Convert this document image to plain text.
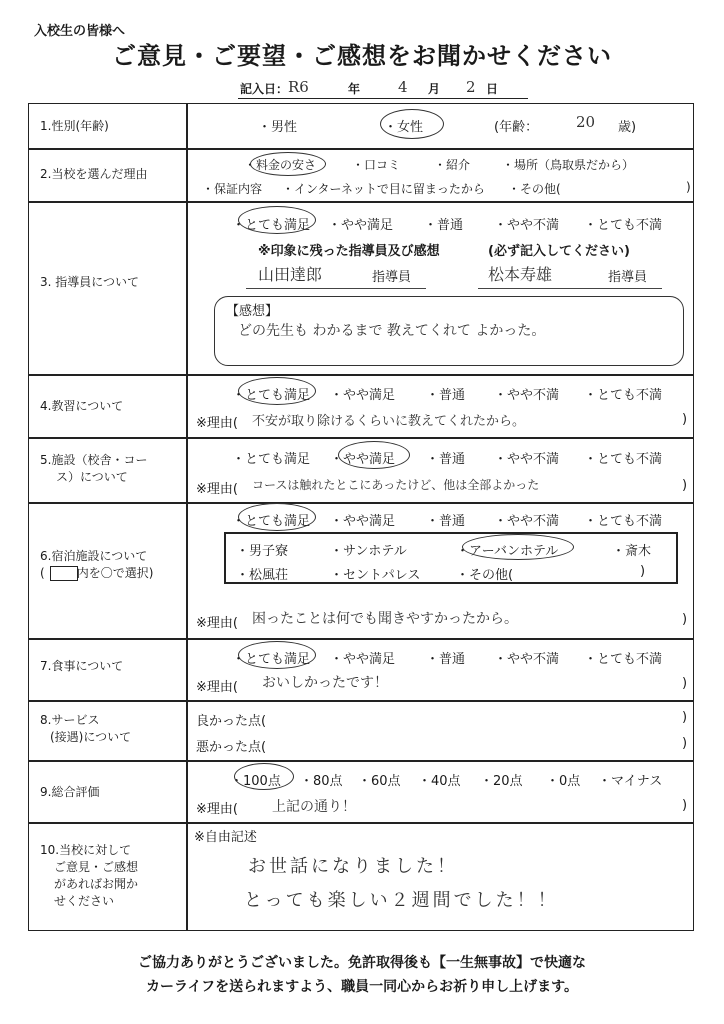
入校生の皆様へ
ご意見・ご要望・ご感想をお聞かせください
記入日： R6	年	4 月 2 日
1.性別(年齢)	・男性	・女性	(年齢：	20 歳)
2.当校を選んだ理由
・料金の安さ	・口コミ	・紹介	・場所（鳥取県だから）
・保証内容 ・インターネットで目に留まったから ・その他(	)
3. 指導員について
・とても満足 ・やや満足 ・普通 ・やや不満 ・とても不満
※印象に残った指導員及び感想	(必ず記入してください)
山田達郎	指導員	松本寿雄	指導員
【感想】
どの先生も わかるまで 教えてくれて よかった。
4.教習について
・とても満足 ・やや満足 ・普通 ・やや不満 ・とても不満
※理由( 不安が取り除けるくらいに教えてくれたから。	)
5.施設（校舎・コー
ス）について
・とても満足 ・やや満足 ・普通 ・やや不満 ・とても不満
※理由( コースは触れたとこにあったけど、他は全部よかった	)
6.宿泊施設について
(	内を〇で選択)
・とても満足 ・やや満足 ・普通 ・やや不満 ・とても不満
・男子寮	・サンホテル	・アーバンホテル	・斎木
・松風荘	・セントパレス	・その他(	)
※理由( 困ったことは何でも聞きやすかったから。	)
7.食事について	・とても満足 ・やや満足 ・普通 ・やや不満 ・とても不満
※理由( おいしかったです！	)
8.サービス
(接遇)について
良かった点(	)
悪かった点(	)
9.総合評価
・100点 ・80点 ・60点 ・40点 ・20点 ・0点 ・マイナス
※理由( 上記の通り！	)
10.当校に対して
ご意見・ご感想
があればお聞か
せください
※自由記述
お世話になりました！
とっても楽しい２週間でした！！
ご協力ありがとうございました。免許取得後も【一生無事故】で快適な
カーライフを送られますよう、職員一同心からお祈り申し上げます。
